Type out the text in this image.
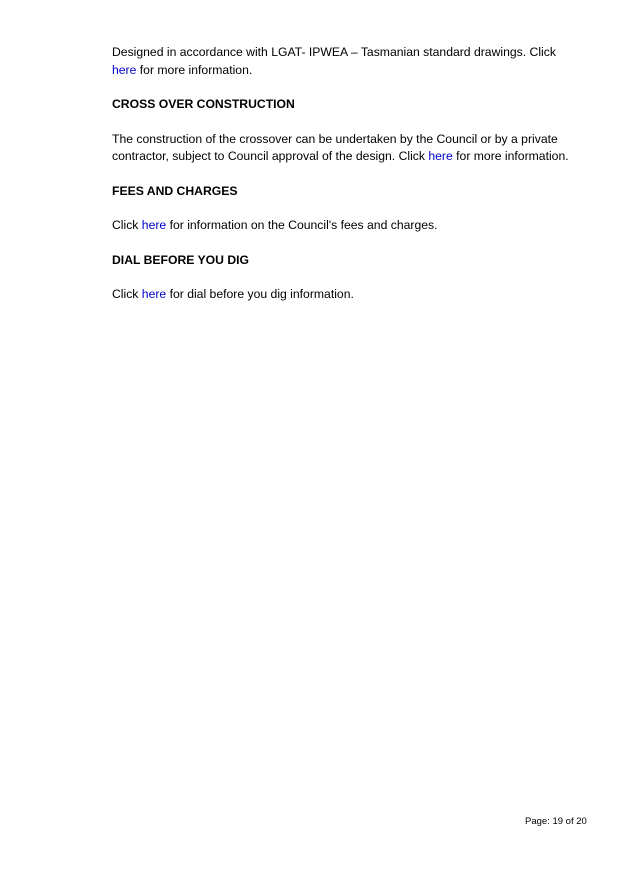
Designed in accordance with LGAT- IPWEA – Tasmanian standard drawings. Click here for more information.

CROSS OVER CONSTRUCTION

The construction of the crossover can be undertaken by the Council or by a private contractor, subject to Council approval of the design. Click here for more information.

FEES AND CHARGES

Click here for information on the Council's fees and charges.

DIAL BEFORE YOU DIG

Click here for dial before you dig information.

Page: 19 of 20
